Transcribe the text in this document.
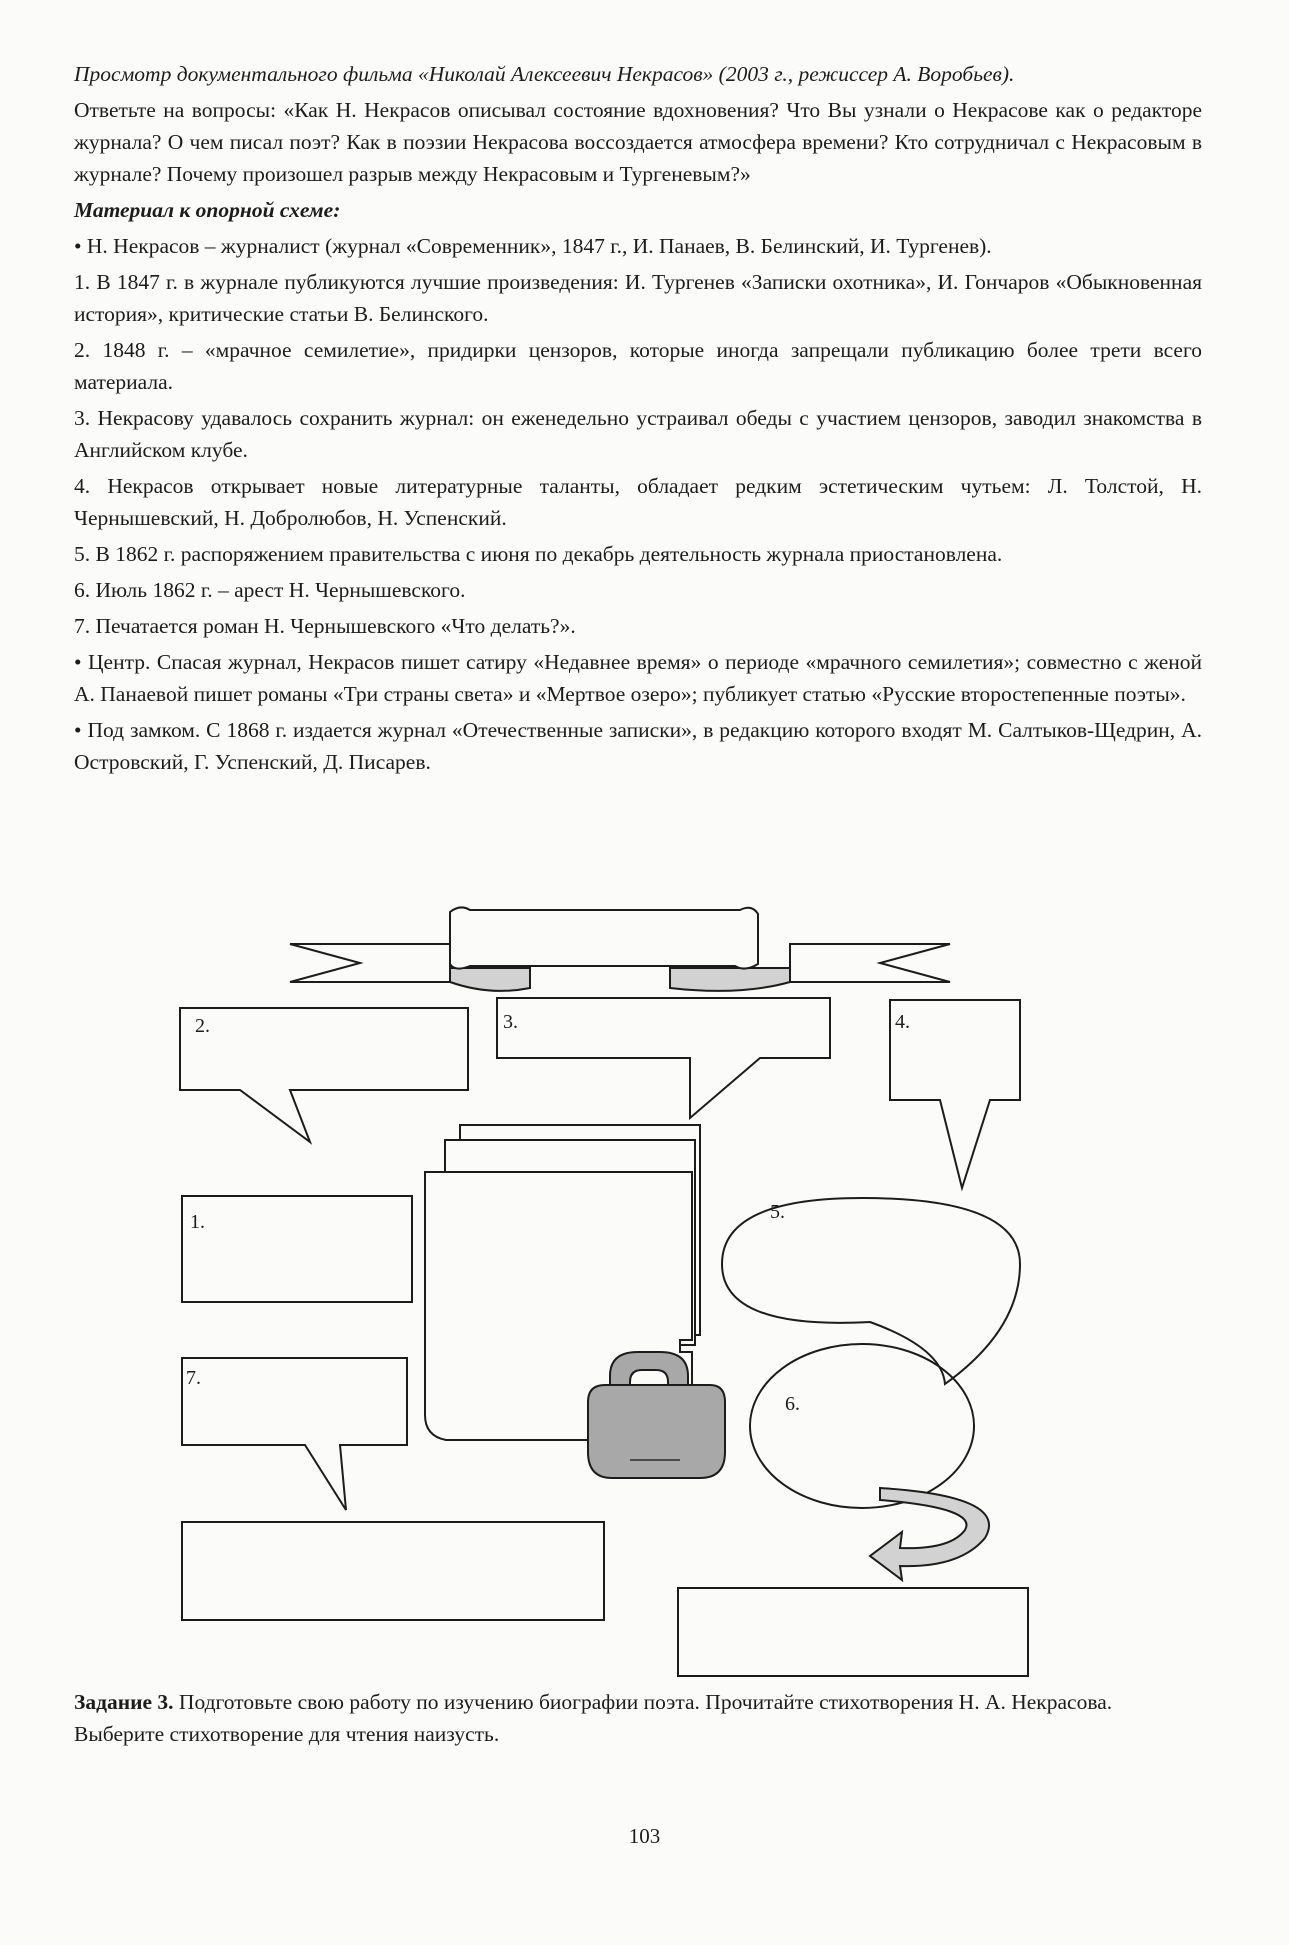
Просмотр документального фильма «Николай Алексеевич Некрасов» (2003 г., режиссер А. Воробьев).

Ответьте на вопросы: «Как Н. Некрасов описывал состояние вдохновения? Что Вы узнали о Некрасове как о редакторе журнала? О чем писал поэт? Как в поэзии Некрасова воссоздается атмосфера времени? Кто сотрудничал с Некрасовым в журнале? Почему произошел разрыв между Некрасовым и Тургеневым?»

Материал к опорной схеме:

• Н. Некрасов – журналист (журнал «Современник», 1847 г., И. Панаев, В. Белинский, И. Тургенев).

1. В 1847 г. в журнале публикуются лучшие произведения: И. Тургенев «Записки охотника», И. Гончаров «Обыкновенная история», критические статьи В. Белинского.

2. 1848 г. – «мрачное семилетие», придирки цензоров, которые иногда запрещали публикацию более трети всего материала.

3. Некрасову удавалось сохранить журнал: он еженедельно устраивал обеды с участием цензоров, заводил знакомства в Английском клубе.

4. Некрасов открывает новые литературные таланты, обладает редким эстетическим чутьем: Л. Толстой, Н. Чернышевский, Н. Добролюбов, Н. Успенский.

5. В 1862 г. распоряжением правительства с июня по декабрь деятельность журнала приостановлена.

6. Июль 1862 г. – арест Н. Чернышевского.

7. Печатается роман Н. Чернышевского «Что делать?».

• Центр. Спасая журнал, Некрасов пишет сатиру «Недавнее время» о периоде «мрачного семилетия»; совместно с женой А. Панаевой пишет романы «Три страны света» и «Мертвое озеро»; публикует статью «Русские второстепенные поэты».

• Под замком. С 1868 г. издается журнал «Отечественные записки», в редакцию которого входят М. Салтыков-Щедрин, А. Островский, Г. Успенский, Д. Писарев.

2.	3.	4.
1.	5.
6.
7.
Задание 3. Подготовьте свою работу по изучению биографии поэта. Прочитайте стихотворения Н. А. Некрасова. Выберите стихотворение для чтения наизусть.
103
